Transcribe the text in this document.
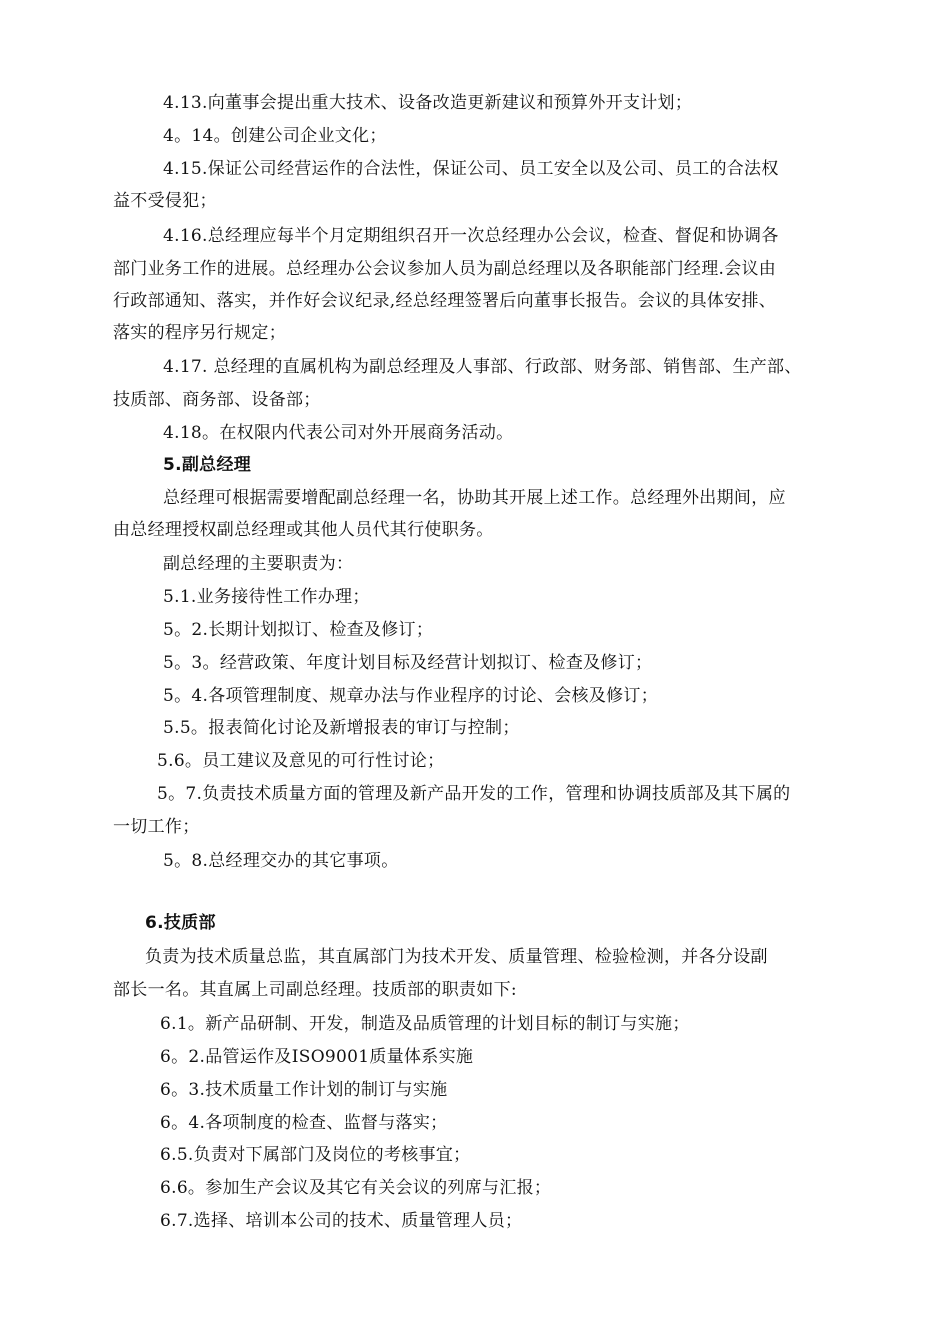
4.13.向董事会提出重大技术、设备改造更新建议和预算外开支计划；
4。14。创建公司企业文化；
4.15.保证公司经营运作的合法性，保证公司、员工安全以及公司、员工的合法权
益不受侵犯；
4.16.总经理应每半个月定期组织召开一次总经理办公会议，检查、督促和协调各
部门业务工作的进展。总经理办公会议参加人员为副总经理以及各职能部门经理.会议由
行政部通知、落实，并作好会议纪录,经总经理签署后向董事长报告。会议的具体安排、
落实的程序另行规定；
4.17. 总经理的直属机构为副总经理及人事部、行政部、财务部、销售部、生产部、
技质部、商务部、设备部；
4.18。在权限内代表公司对外开展商务活动。
5.副总经理
总经理可根据需要增配副总经理一名，协助其开展上述工作。总经理外出期间，应
由总经理授权副总经理或其他人员代其行使职务。
副总经理的主要职责为：
5.1.业务接待性工作办理；
5。2.长期计划拟订、检查及修订；
5。3。经营政策、年度计划目标及经营计划拟订、检查及修订；
5。4.各项管理制度、规章办法与作业程序的讨论、会核及修订；
5.5。报表简化讨论及新增报表的审订与控制；
5.6。员工建议及意见的可行性讨论；
5。7.负责技术质量方面的管理及新产品开发的工作，管理和协调技质部及其下属的
一切工作；
5。8.总经理交办的其它事项。
6.技质部
负责为技术质量总监，其直属部门为技术开发、质量管理、检验检测，并各分设副
部长一名。其直属上司副总经理。技质部的职责如下:
6.1。新产品研制、开发，制造及品质管理的计划目标的制订与实施；
6。2.品管运作及ISO9001质量体系实施
6。3.技术质量工作计划的制订与实施
6。4.各项制度的检查、监督与落实；
6.5.负责对下属部门及岗位的考核事宜；
6.6。参加生产会议及其它有关会议的列席与汇报；
6.7.选择、培训本公司的技术、质量管理人员；
